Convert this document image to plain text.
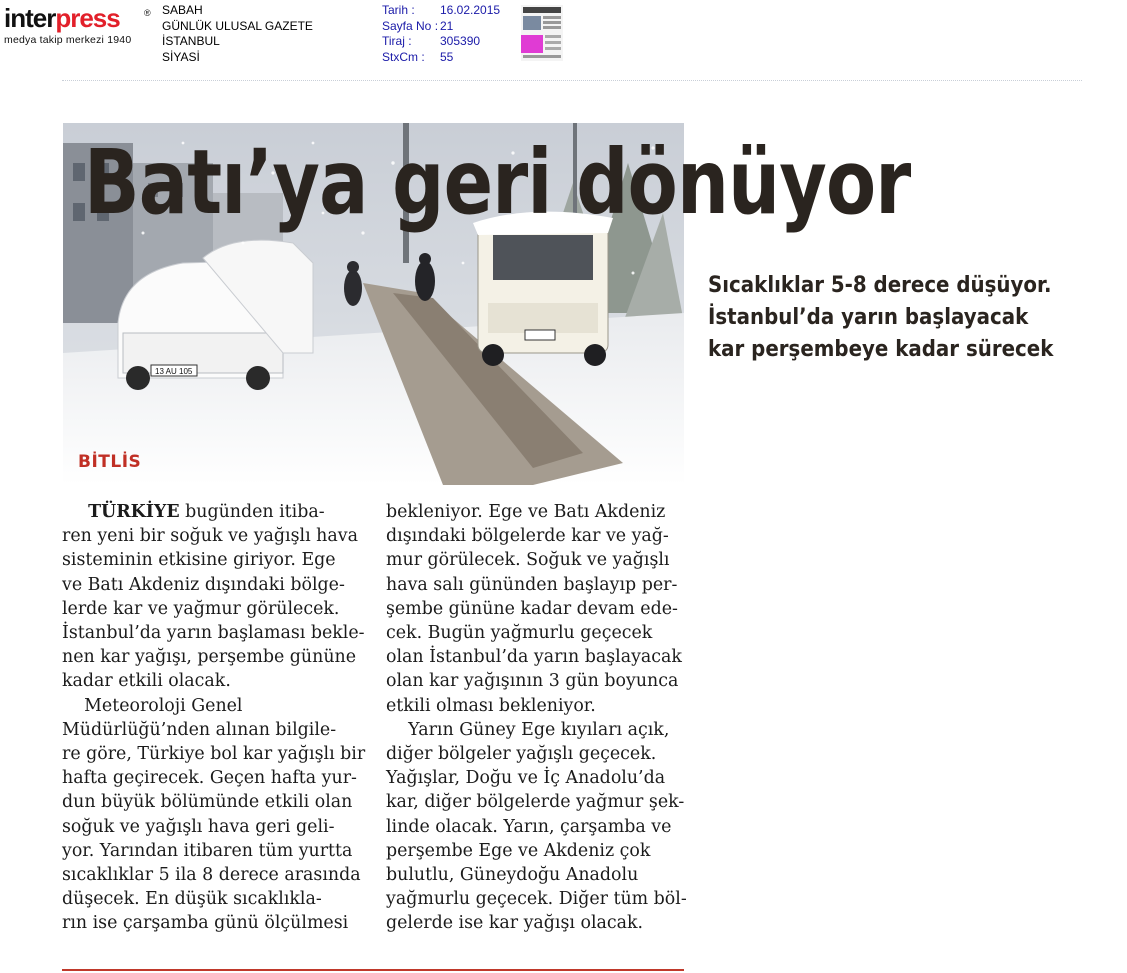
interpress	®
medya takip merkezi 1940
SABAH
GÜNLÜK ULUSAL GAZETE
İSTANBUL
SİYASİ
Tarih :	16.02.2015
Sayfa No : 21
Tiraj :	305390
StxCm :	55
13 AU 105
BİTLİS
Batı’ya geri dönüyor
Sıcaklıklar 5-8 derece düşüyor.
İstanbul’da yarın başlayacak
kar perşembeye kadar sürecek
  TÜRKİYE bugünden itiba-
ren yeni bir soğuk ve yağışlı hava
sisteminin etkisine giriyor. Ege
ve Batı Akdeniz dışındaki bölge-
lerde kar ve yağmur görülecek.
İstanbul’da yarın başlaması bekle-
nen kar yağışı, perşembe gününe
kadar etkili olacak.
Meteoroloji Genel
Müdürlüğü’nden alınan bilgile-
re göre, Türkiye bol kar yağışlı bir
hafta geçirecek. Geçen hafta yur-
dun büyük bölümünde etkili olan
soğuk ve yağışlı hava geri geli-
yor. Yarından itibaren tüm yurtta
sıcaklıklar 5 ila 8 derece arasında
düşecek. En düşük sıcaklıkla-
rın ise çarşamba günü ölçülmesi
bekleniyor. Ege ve Batı Akdeniz
dışındaki bölgelerde kar ve yağ-
mur görülecek. Soğuk ve yağışlı
hava salı gününden başlayıp per-
şembe gününe kadar devam ede-
cek. Bugün yağmurlu geçecek
olan İstanbul’da yarın başlayacak
olan kar yağışının 3 gün boyunca
etkili olması bekleniyor.
Yarın Güney Ege kıyıları açık,
diğer bölgeler yağışlı geçecek.
Yağışlar, Doğu ve İç Anadolu’da
kar, diğer bölgelerde yağmur şek-
linde olacak. Yarın, çarşamba ve
perşembe Ege ve Akdeniz çok
bulutlu, Güneydoğu Anadolu
yağmurlu geçecek. Diğer tüm böl-
gelerde ise kar yağışı olacak.
